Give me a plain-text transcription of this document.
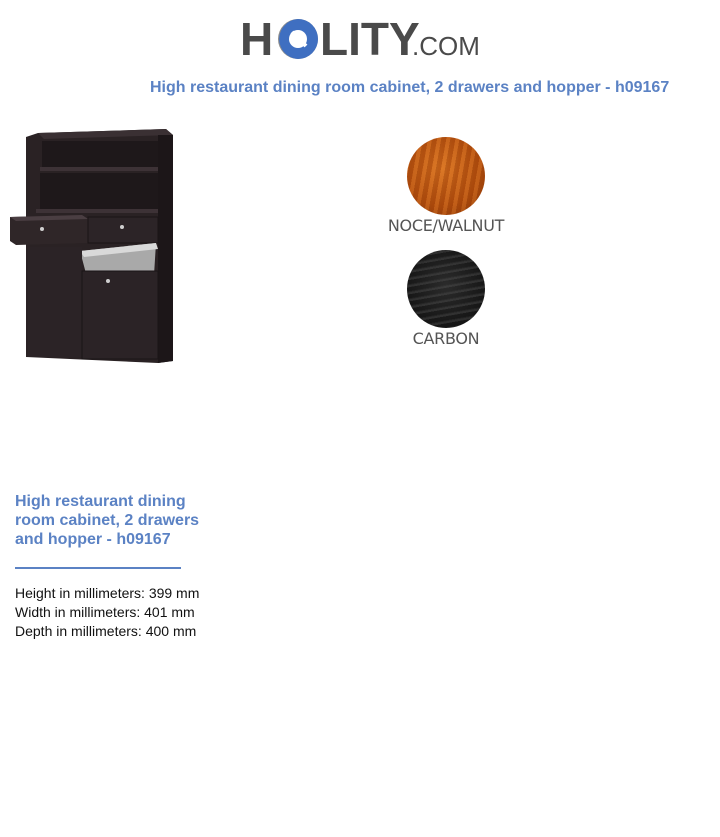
H LITY
.COM
High restaurant dining room cabinet, 2 drawers and hopper - h09167
NOCE/WALNUT
CARBON
High restaurant dining room cabinet, 2 drawers and hopper - h09167
Height in millimeters: 399 mm
Width in millimeters: 401 mm
Depth in millimeters: 400 mm
